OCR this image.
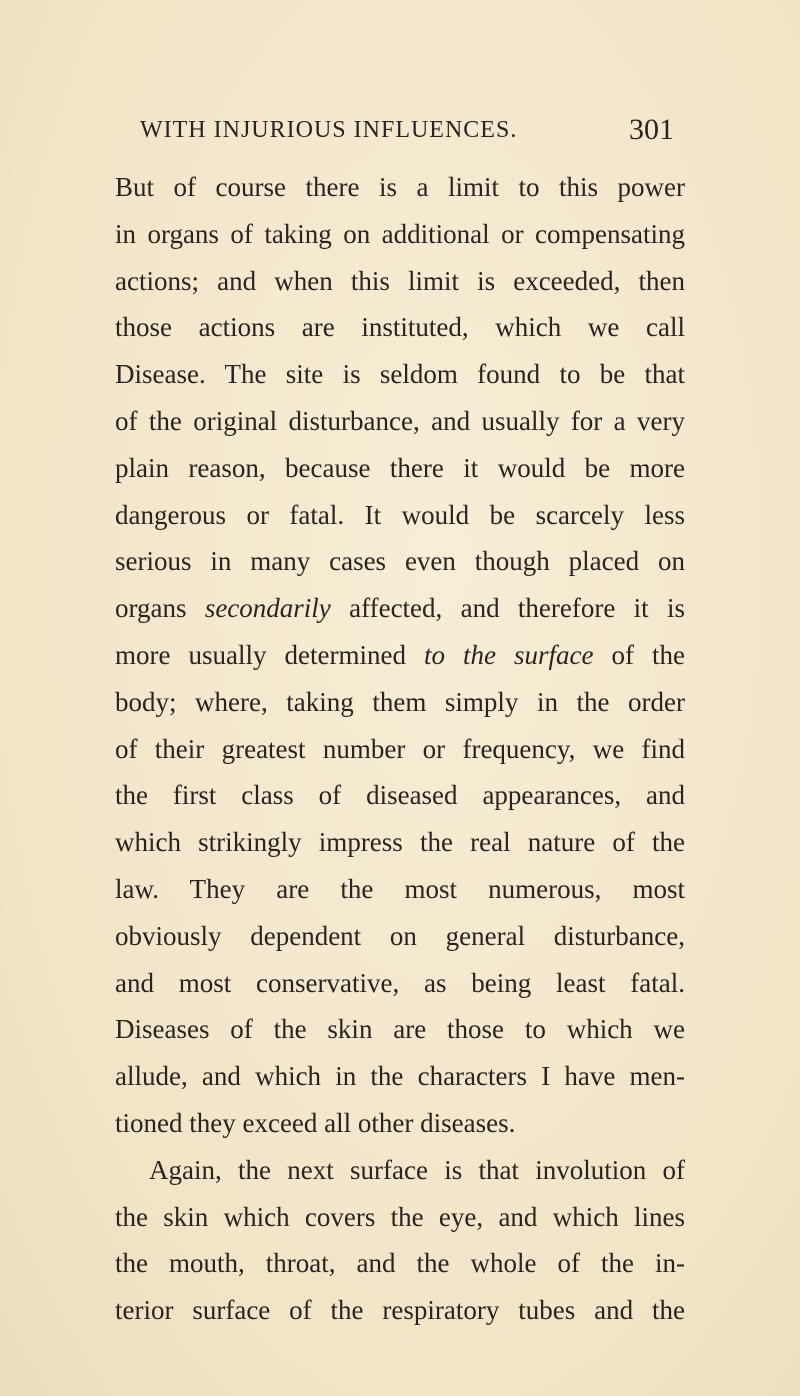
WITH INJURIOUS INFLUENCES.	301
But of course there is a limit to this power
in organs of taking on additional or compensating
actions; and when this limit is exceeded, then
those actions are instituted, which we call
Disease. The site is seldom found to be that
of the original disturbance, and usually for a very
plain reason, because there it would be more
dangerous or fatal. It would be scarcely less
serious in many cases even though placed on
organs secondarily affected, and therefore it is
more usually determined to the surface of the
body; where, taking them simply in the order
of their greatest number or frequency, we find
the first class of diseased appearances, and
which strikingly impress the real nature of the
law. They are the most numerous, most
obviously dependent on general disturbance,
and most conservative, as being least fatal.
Diseases of the skin are those to which we
allude, and which in the characters I have men-
tioned they exceed all other diseases.
Again, the next surface is that involution of
the skin which covers the eye, and which lines
the mouth, throat, and the whole of the in-
terior surface of the respiratory tubes and the
